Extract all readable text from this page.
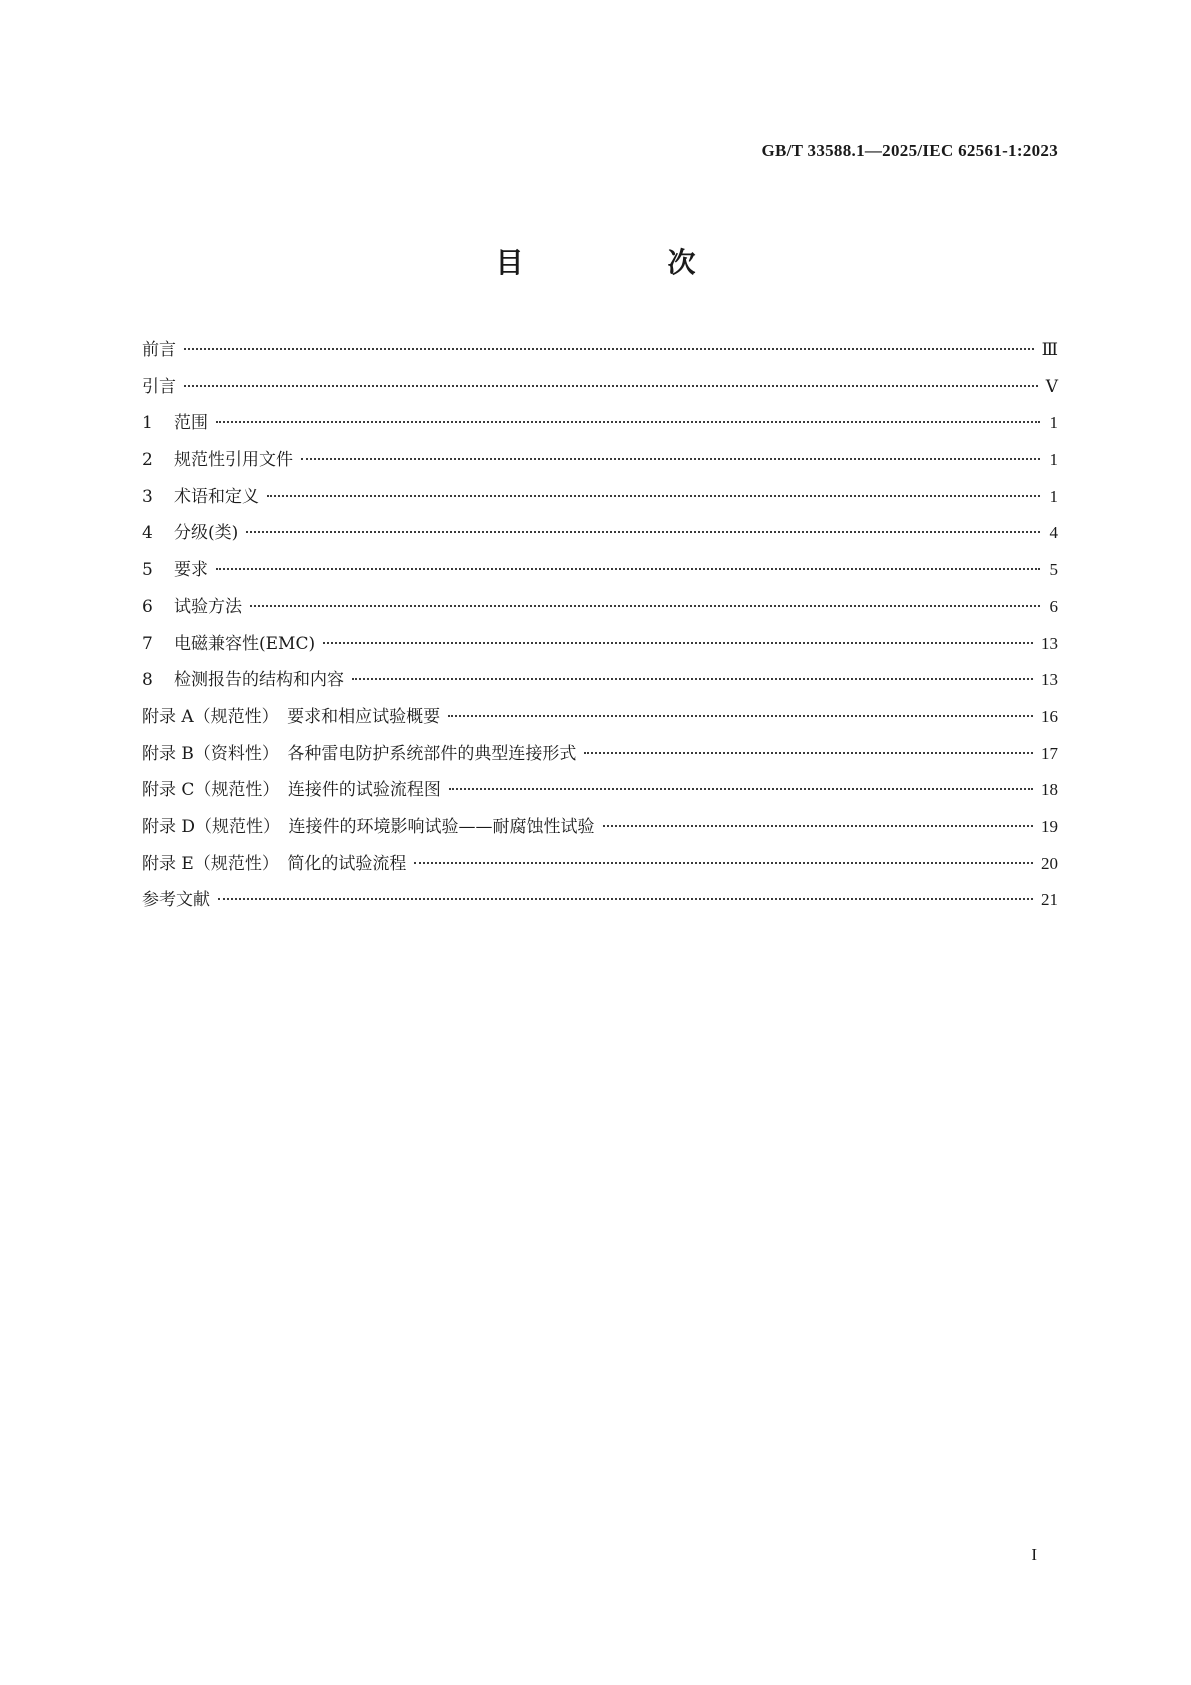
GB/T 33588.1—2025/IEC 62561-1:2023
目　次
前言	Ⅲ
引言	Ⅴ
1 范围	1
2 规范性引用文件	1
3 术语和定义	1
4 分级(类)	4
5 要求	5
6 试验方法	6
7 电磁兼容性(EMC)	13
8 检测报告的结构和内容	13
附录 A（规范性）　要求和相应试验概要	16
附录 B（资料性）　各种雷电防护系统部件的典型连接形式	17
附录 C（规范性）　连接件的试验流程图	18
附录 D（规范性）　连接件的环境影响试验——耐腐蚀性试验	19
附录 E（规范性）　简化的试验流程	20
参考文献	21
I
